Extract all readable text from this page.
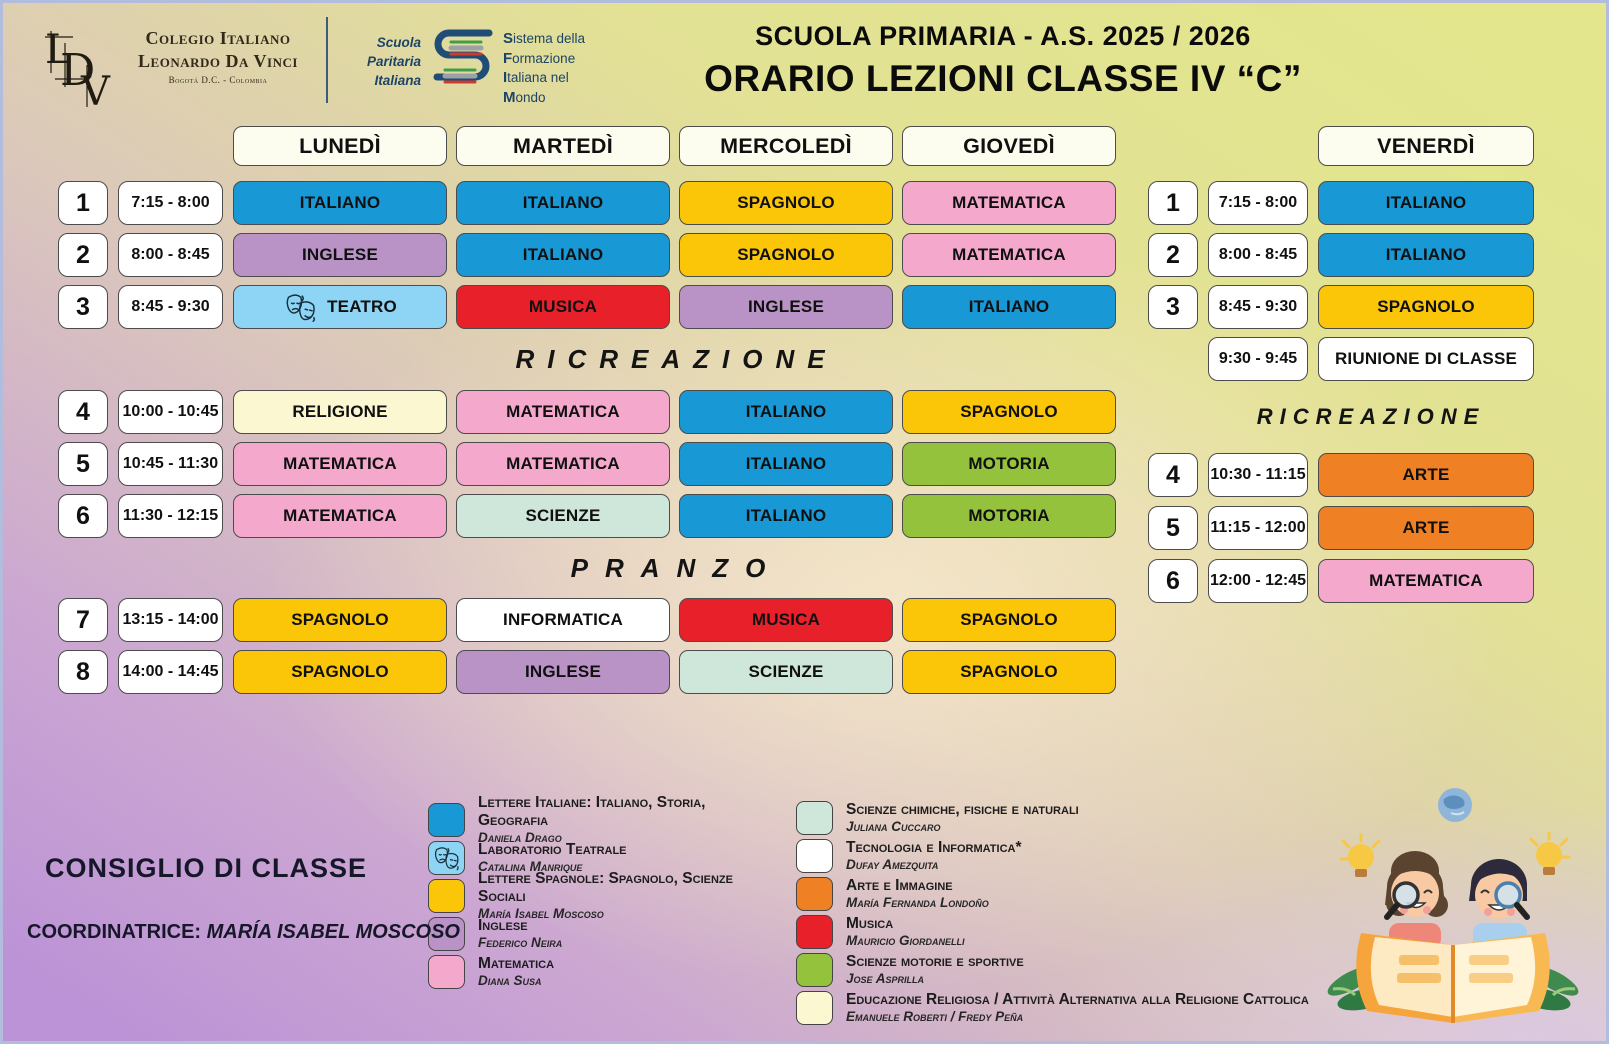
L
D
V
Colegio Italiano
Leonardo Da Vinci
Bogotá D.C. - Colombia
Scuola
Paritaria
Italiana
Sistema della
Formazione
Italiana nel
Mondo
SCUOLA PRIMARIA - A.S. 2025 / 2026
ORARIO LEZIONI CLASSE IV “C”
LUNEDÌ	MARTEDÌ	MERCOLEDÌ	GIOVEDÌ
1	7:15 - 8:00	ITALIANO	ITALIANO	SPAGNOLO	MATEMATICA
2	8:00 - 8:45	INGLESE	ITALIANO	SPAGNOLO	MATEMATICA
3	8:45 - 9:30	TEATRO	MUSICA	INGLESE	ITALIANO
RICREAZIONE
4	10:00 - 10:45	RELIGIONE	MATEMATICA	ITALIANO	SPAGNOLO
5	10:45 - 11:30	MATEMATICA	MATEMATICA	ITALIANO	MOTORIA
6	11:30 - 12:15	MATEMATICA	SCIENZE	ITALIANO	MOTORIA
PRANZO
7	13:15 - 14:00	SPAGNOLO	INFORMATICA	MUSICA	SPAGNOLO
8	14:00 - 14:45	SPAGNOLO	INGLESE	SCIENZE	SPAGNOLO
VENERDÌ
1	7:15 - 8:00	ITALIANO
2	8:00 - 8:45	ITALIANO
3	8:45 - 9:30	SPAGNOLO
9:30 - 9:45	RIUNIONE DI CLASSE
RICREAZIONE
4	10:30 - 11:15	ARTE
5	11:15 - 12:00	ARTE
6	12:00 - 12:45	MATEMATICA
Lettere Italiane: Italiano, Storia, Geografia
Daniela Drago
Laboratorio Teatrale
Catalina Manrique
Lettere Spagnole: Spagnolo, Scienze Sociali
María Isabel Moscoso
Inglese
Federico Neira
Matematica
Diana Susa
Scienze chimiche, fisiche e naturali
Juliana Cuccaro
Tecnologia e Informatica*
Dufay Amezquita
Arte e Immagine
María Fernanda Londoño
Musica
Mauricio Giordanelli
Scienze motorie e sportive
Jose Asprilla
Educazione Religiosa / Attività Alternativa alla Religione Cattolica
Emanuele Roberti / Fredy Peña
CONSIGLIO DI CLASSE
COORDINATRICE: MARÍA ISABEL MOSCOSO
